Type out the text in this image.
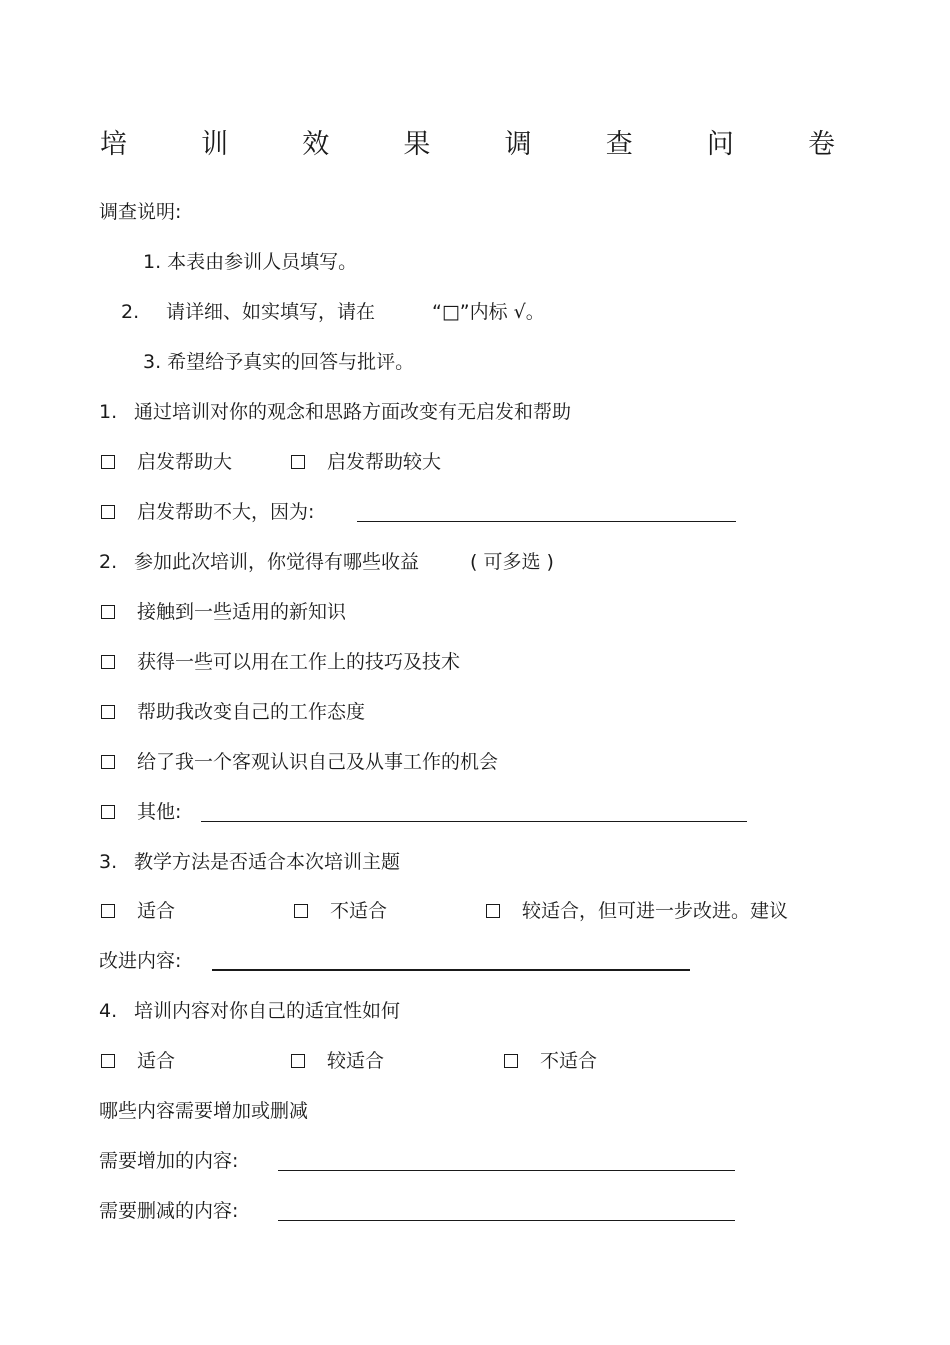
培	训	效	果	调	查	问	卷
调查说明:
1. 本表由参训人员填写。
2. 请详细、如实填写，请在	“□”内标 √。
3. 希望给予真实的回答与批评。
1. 通过培训对你的观念和思路方面改变有无启发和帮助
启发帮助大	启发帮助较大
启发帮助不大，因为:
2. 参加此次培训，你觉得有哪些收益	( 可多选 )
接触到一些适用的新知识
获得一些可以用在工作上的技巧及技术
帮助我改变自己的工作态度
给了我一个客观认识自己及从事工作的机会
其他:
3. 教学方法是否适合本次培训主题
适合	不适合	较适合，但可进一步改进。建议
改进内容:
4. 培训内容对你自己的适宜性如何
适合	较适合	不适合
哪些内容需要增加或删减
需要增加的内容:
需要删减的内容:
